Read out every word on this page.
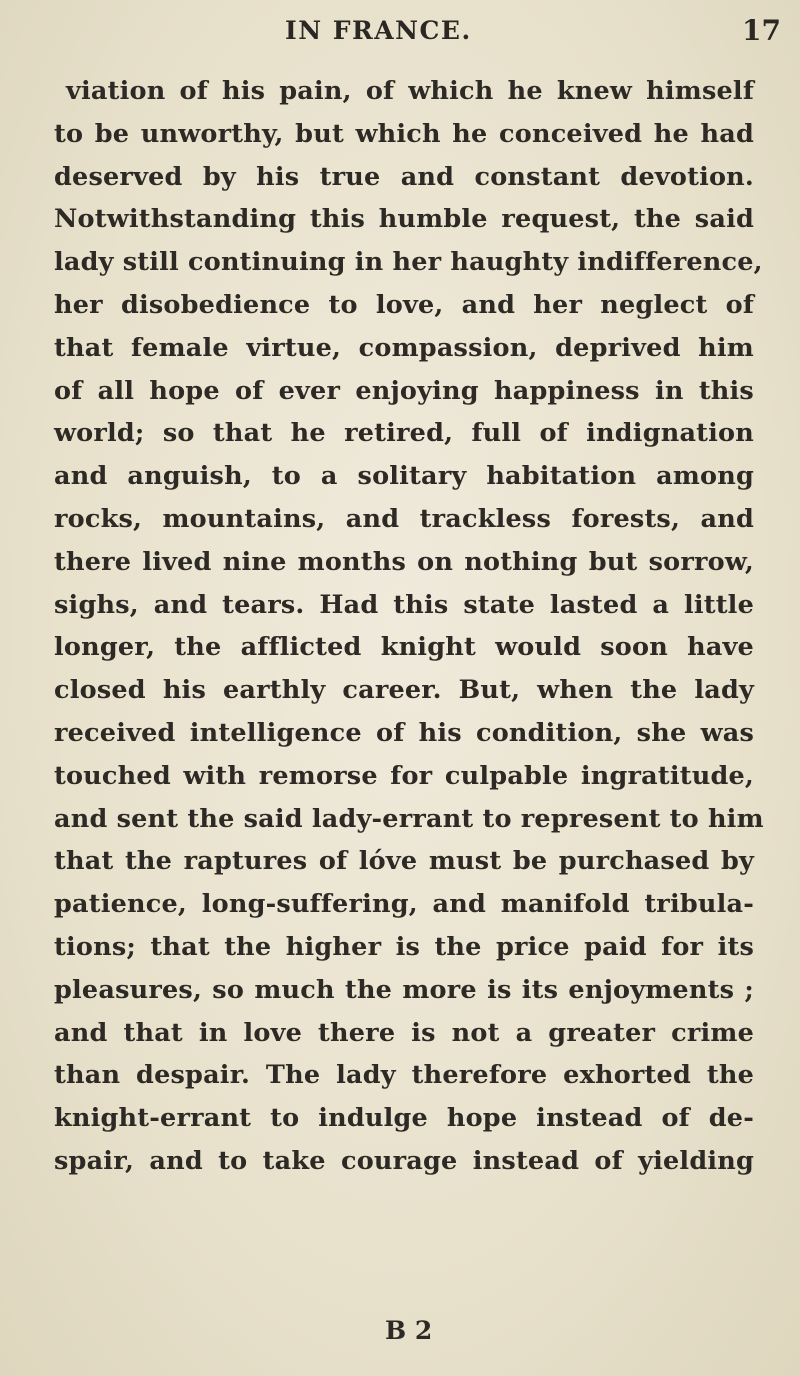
IN FRANCE.	17
viation of his pain, of which he knew himself
to be unworthy, but which he conceived he had
deserved by his true and constant devotion.
Notwithstanding this humble request, the said
lady still continuing in her haughty indifference,
her disobedience to love, and her neglect of
that female virtue, compassion, deprived him
of all hope of ever enjoying happiness in this
world; so that he retired, full of indignation
and anguish, to a solitary habitation among
rocks, mountains, and trackless forests, and
there lived nine months on nothing but sorrow,
sighs, and tears. Had this state lasted a little
longer, the afflicted knight would soon have
closed his earthly career. But, when the lady
received intelligence of his condition, she was
touched with remorse for culpable ingratitude,
and sent the said lady-errant to represent to him
that the raptures of lóve must be purchased by
patience, long-suffering, and manifold tribula-
tions; that the higher is the price paid for its
pleasures, so much the more is its enjoyments ;
and that in love there is not a greater crime
than despair. The lady therefore exhorted the
knight-errant to indulge hope instead of de-
spair, and to take courage instead of yielding
B 2
